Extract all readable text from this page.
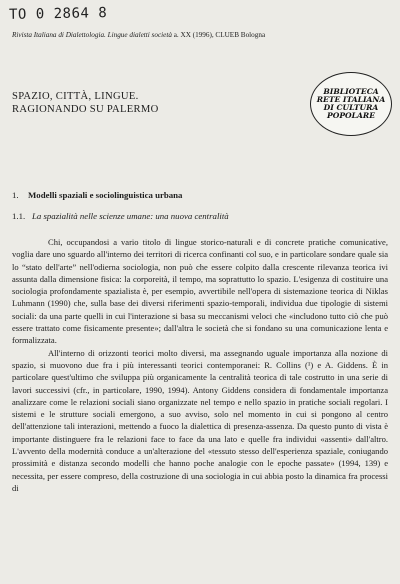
TO 0 2864 8
Rivista Italiana di Dialettologia. Lingue dialetti società a. XX (1996), CLUEB Bologna
SPAZIO, CITTÀ, LINGUE.
RAGIONANDO SU PALERMO
BIBLIOTECA
RETE ITALIANA
DI CULTURA
POPOLARE
1. Modelli spaziali e sociolinguistica urbana
1.1. La spazialità nelle scienze umane: una nuova centralità

Chi, occupandosi a vario titolo di lingue storico-naturali e di concrete pratiche comunicative, voglia dare uno sguardo all'interno dei territori di ricerca confinanti col suo, e in particolare sondare quale sia lo “stato dell'arte” nell'odierna sociologia, non può che essere colpito dalla crescente rilevanza teorica ivi assunta dalla dimensione fisica: la corporeità, il tempo, ma soprattutto lo spazio. L'esigenza di costituire una sociologia profondamente spazialista è, per esempio, avvertibile nell'opera di sistemazione teorica di Niklas Luhmann (1990) che, sulla base dei diversi riferimenti spazio-temporali, individua due tipologie di sistemi sociali: da una parte quelli in cui l'interazione si basa su meccanismi veloci che «includono tutto ciò che può essere trattato come fisicamente presente»; dall'altra le società che si fondano su una comunicazione lenta e formalizzata.

All'interno di orizzonti teorici molto diversi, ma assegnando uguale importanza alla nozione di spazio, si muovono due fra i più interessanti teorici contemporanei: R. Collins (¹) e A. Giddens. È in particolare quest'ultimo che sviluppa più organicamente la centralità teorica di tale costrutto in una serie di lavori successivi (cfr., in particolare, 1990, 1994). Antony Giddens considera di fondamentale importanza analizzare come le relazioni sociali siano organizzate nel tempo e nello spazio in pratiche sociali regolari. I sistemi e le strutture sociali emergono, a suo avviso, solo nel momento in cui si pongono al centro dell'attenzione tali interazioni, mettendo a fuoco la dialettica di presenza-assenza. Da questo punto di vista è importante distinguere fra le relazioni face to face da una lato e quelle fra individui «assenti» dall'altro. L'avvento della modernità conduce a un'alterazione del «tessuto stesso dell'esperienza spaziale, coniugando prossimità e distanza secondo modelli che hanno poche analogie con le epoche passate» (1994, 139) e necessita, per essere compreso, della costruzione di una sociologia in cui abbia posto la dinamica fra processi di
